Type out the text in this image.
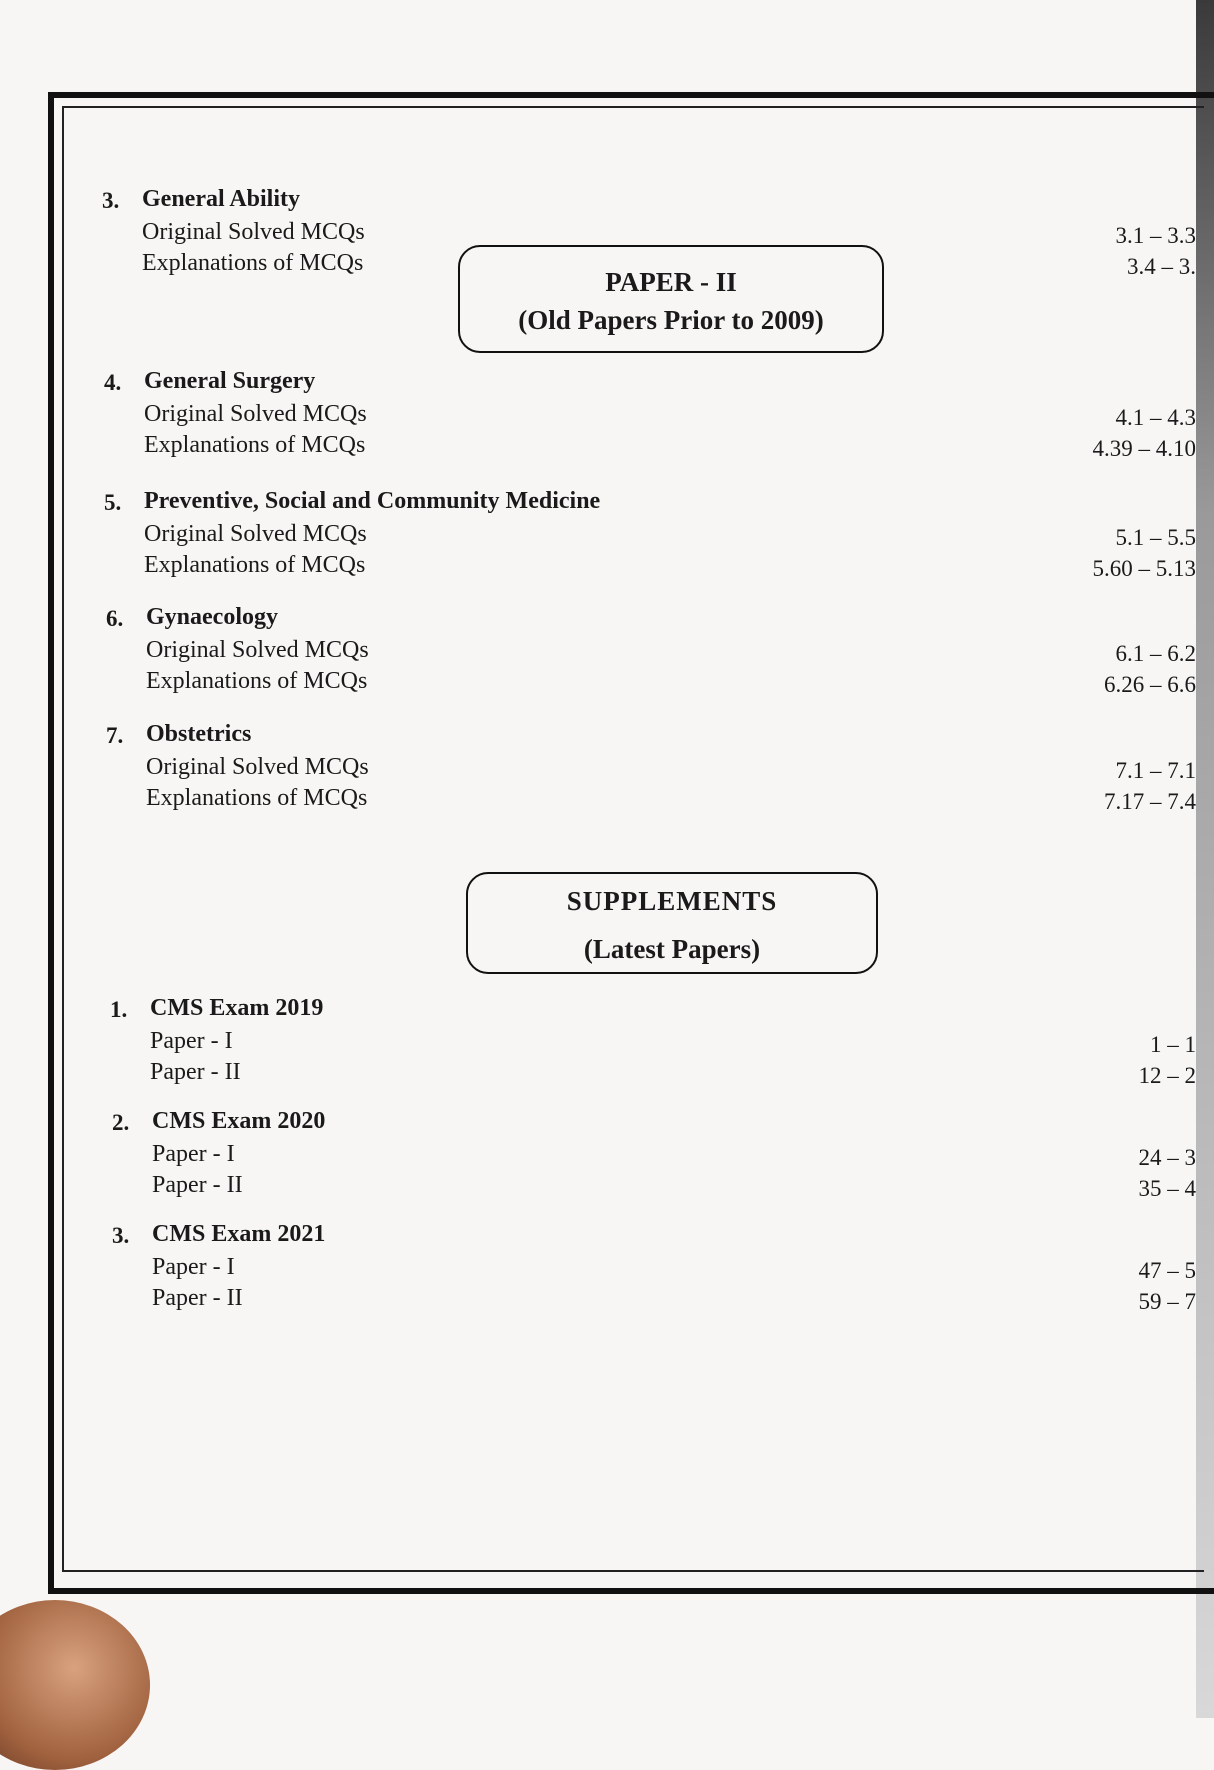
3. General Ability
Original Solved MCQs	3.1 – 3.3
Explanations of MCQs	3.4 – 3.
4. General Surgery
Original Solved MCQs	4.1 – 4.3
Explanations of MCQs	4.39 – 4.10
5. Preventive, Social and Community Medicine
Original Solved MCQs	5.1 – 5.5
Explanations of MCQs	5.60 – 5.13
6. Gynaecology
Original Solved MCQs	6.1 – 6.2
Explanations of MCQs	6.26 – 6.6
7. Obstetrics
Original Solved MCQs	7.1 – 7.1
Explanations of MCQs	7.17 – 7.4
1. CMS Exam 2019
Paper - I	1 – 1
Paper - II	12 – 2
2. CMS Exam 2020
Paper - I	24 – 3
Paper - II	35 – 4
3. CMS Exam 2021
Paper - I	47 – 5
Paper - II	59 – 7
PAPER - II
(Old Papers Prior to 2009)
SUPPLEMENTS
(Latest Papers)
